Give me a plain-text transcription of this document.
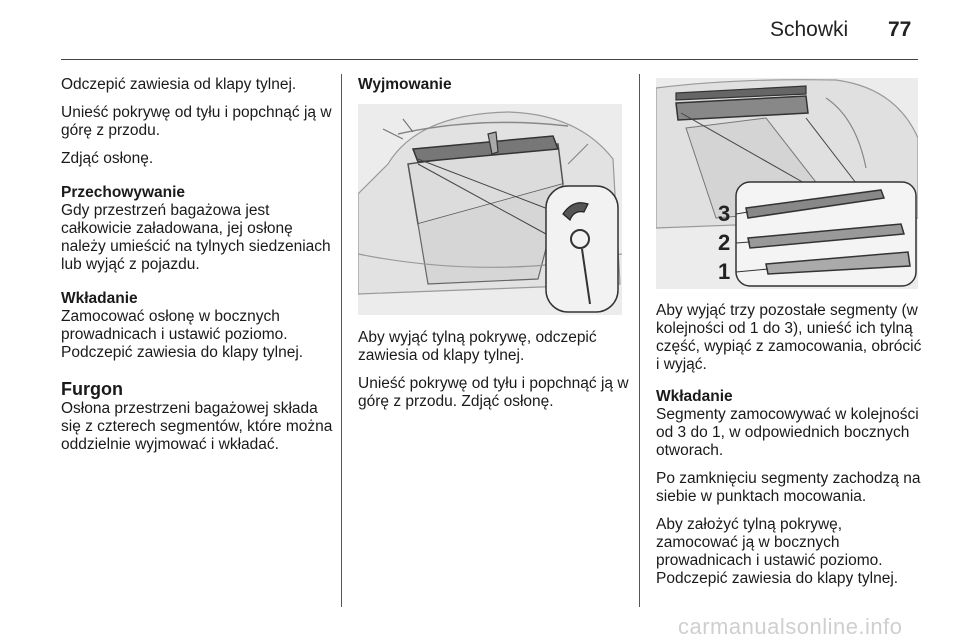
Schowki 77

Odczepić zawiesia od klapy tylnej.

Unieść pokrywę od tyłu i popchnąć ją w górę z przodu.

Zdjąć osłonę.

Przechowywanie
Gdy przestrzeń bagażowa jest całkowicie załadowana, jej osłonę należy umieścić na tylnych siedzeniach lub wyjąć z pojazdu.
Wkładanie
Zamocować osłonę w bocznych prowadnicach i ustawić poziomo. Podczepić zawiesia do klapy tylnej.
Furgon
Osłona przestrzeni bagażowej składa się z czterech segmentów, które można oddzielnie wyjmować i wkładać.
Wyjmowanie

Aby wyjąć tylną pokrywę, odczepić zawiesia od klapy tylnej.

Unieść pokrywę od tyłu i popchnąć ją w górę z przodu. Zdjąć osłonę.

3
2
1

Aby wyjąć trzy pozostałe segmenty (w kolejności od 1 do 3), unieść ich tylną część, wypiąć z zamocowania, obrócić i wyjąć.

Wkładanie

Segmenty zamocowywać w kolejności od 3 do 1, w odpowiednich bocznych otworach.

Po zamknięciu segmenty zachodzą na siebie w punktach mocowania.

Aby założyć tylną pokrywę, zamocować ją w bocznych prowadnicach i ustawić poziomo. Podczepić zawiesia do klapy tylnej.

carmanualsonline.info
